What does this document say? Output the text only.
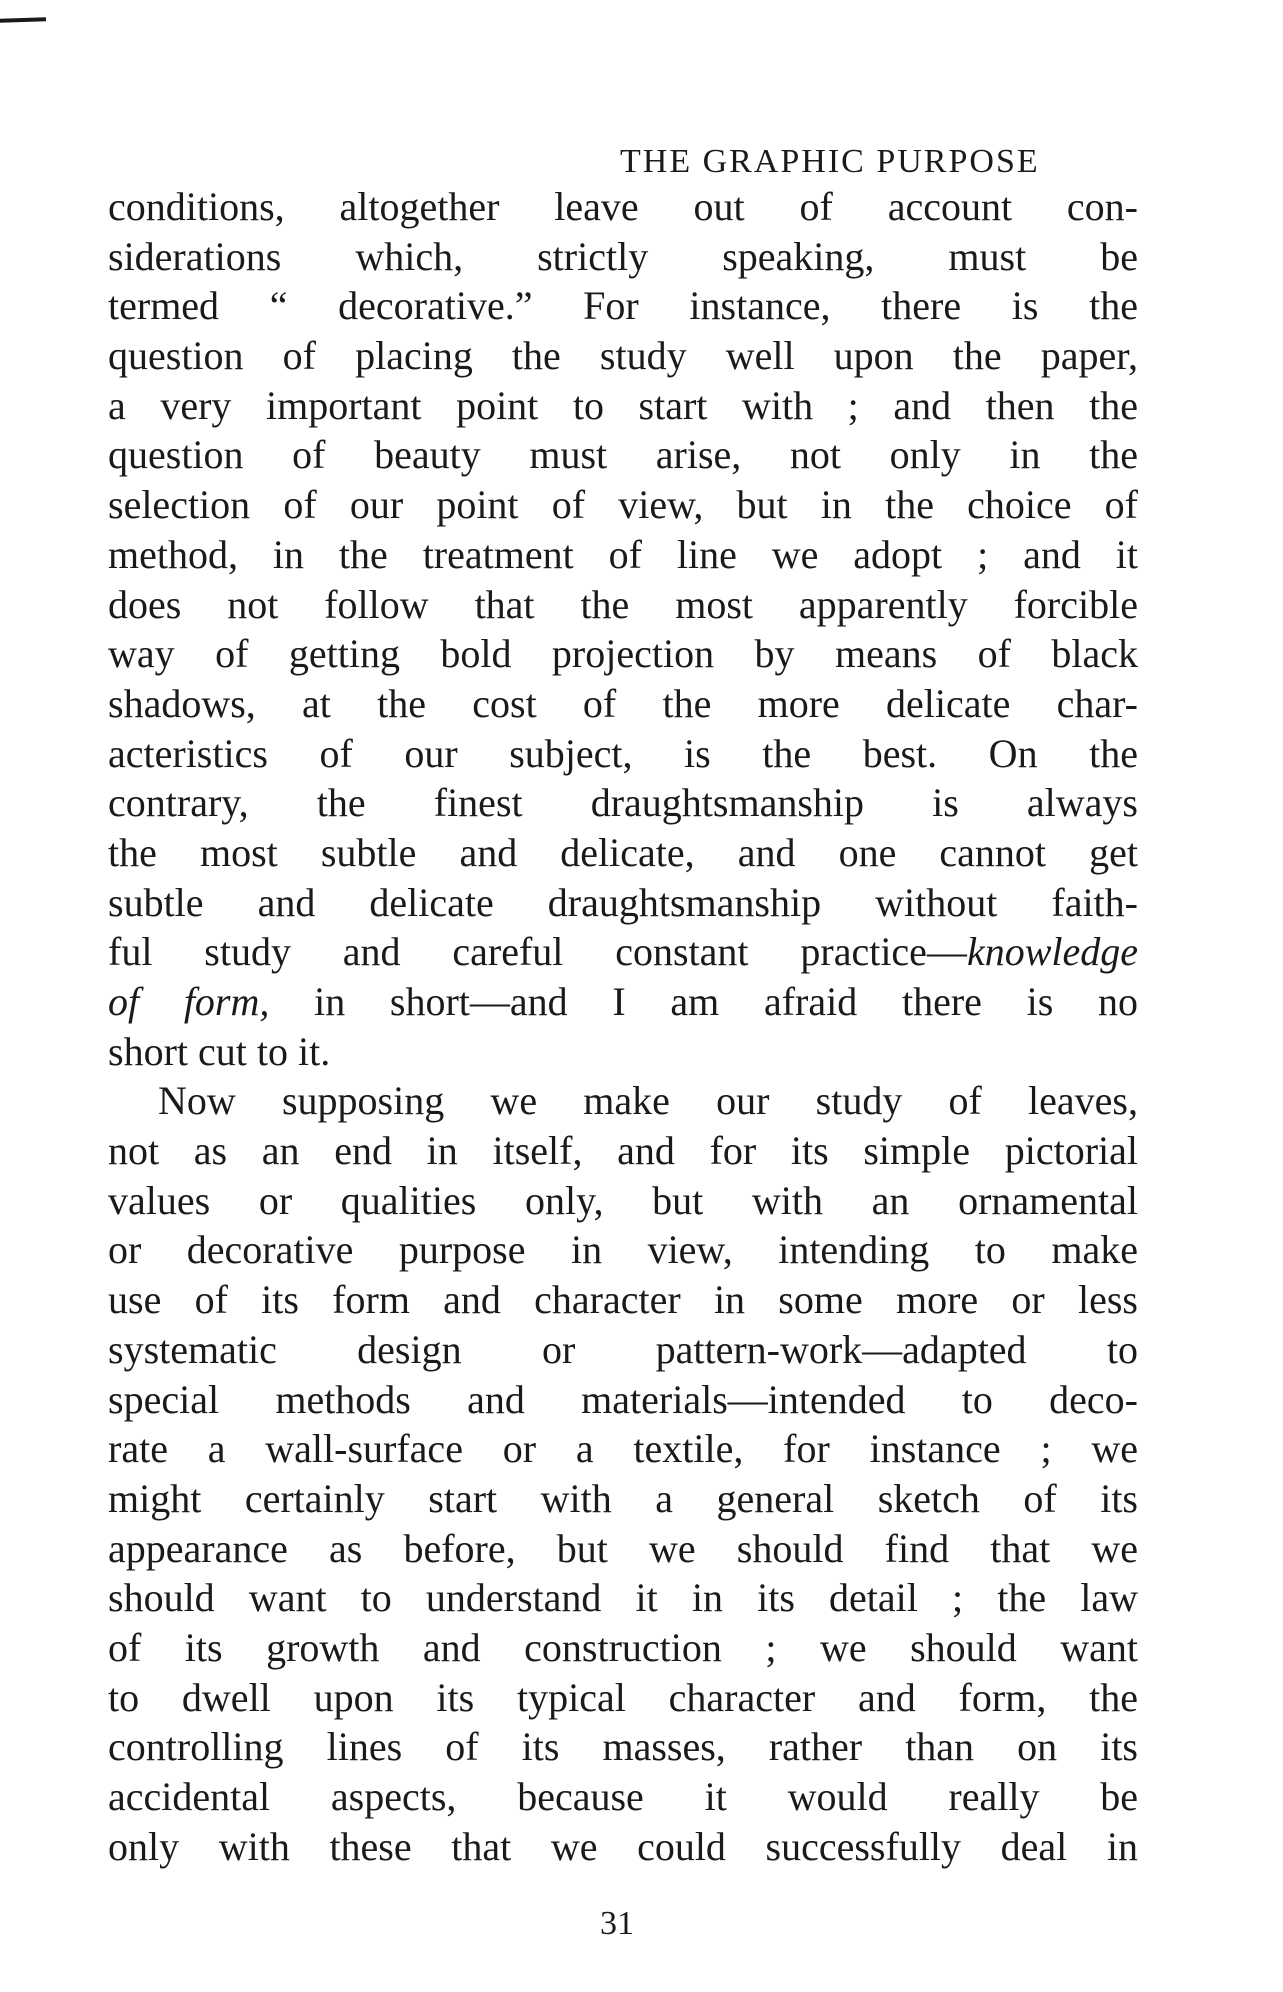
THE GRAPHIC PURPOSE
conditions, altogether leave out of account con-
siderations which, strictly speaking, must be
termed “ decorative.” For instance, there is the
question of placing the study well upon the paper,
a very important point to start with ; and then the
question of beauty must arise, not only in the
selection of our point of view, but in the choice of
method, in the treatment of line we adopt ; and it
does not follow that the most apparently forcible
way of getting bold projection by means of black
shadows, at the cost of the more delicate char-
acteristics of our subject, is the best. On the
contrary, the finest draughtsmanship is always
the most subtle and delicate, and one cannot get
subtle and delicate draughtsmanship without faith-
ful study and careful constant practice—knowledge
of form, in short—and I am afraid there is no
short cut to it.
Now supposing we make our study of leaves,
not as an end in itself, and for its simple pictorial
values or qualities only, but with an ornamental
or decorative purpose in view, intending to make
use of its form and character in some more or less
systematic design or pattern-work—adapted to
special methods and materials—intended to deco-
rate a wall-surface or a textile, for instance ; we
might certainly start with a general sketch of its
appearance as before, but we should find that we
should want to understand it in its detail ; the law
of its growth and construction ; we should want
to dwell upon its typical character and form, the
controlling lines of its masses, rather than on its
accidental aspects, because it would really be
only with these that we could successfully deal in
31
